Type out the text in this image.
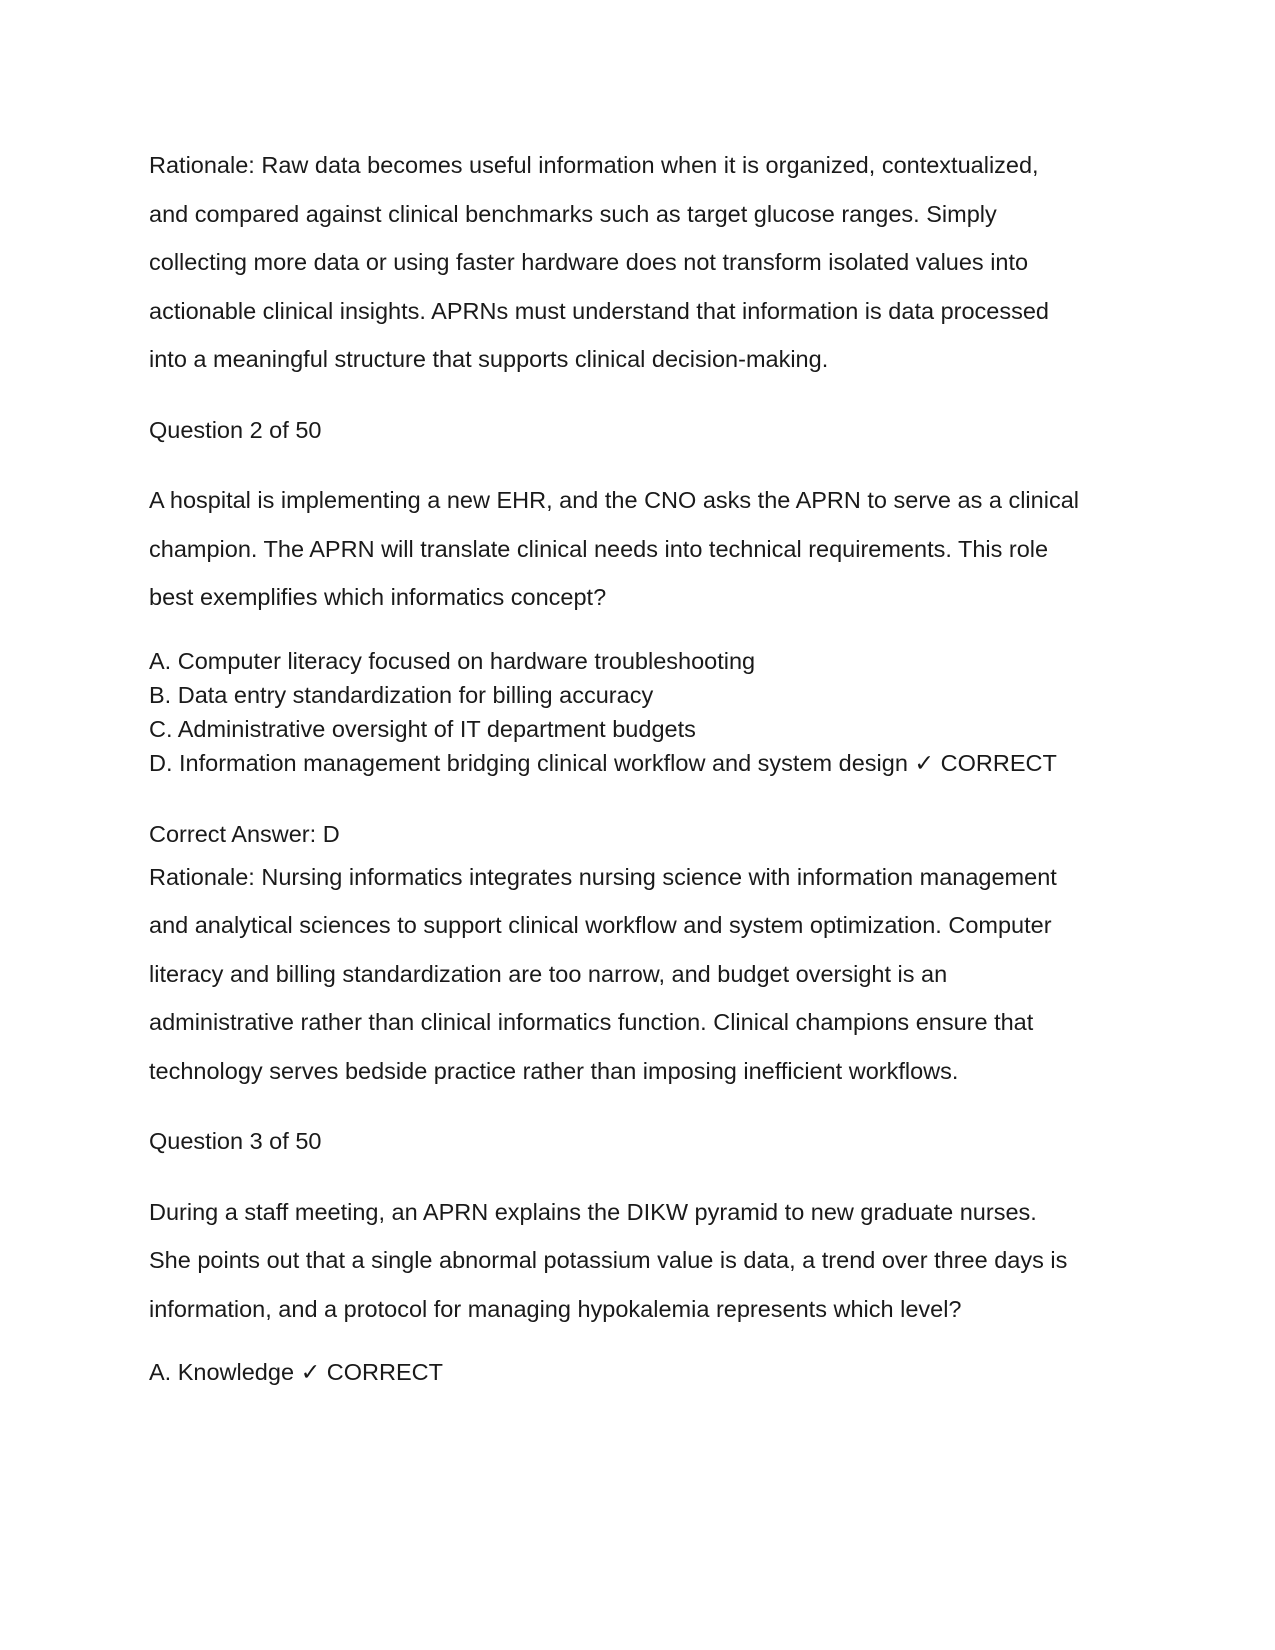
Rationale: Raw data becomes useful information when it is organized, contextualized, and compared against clinical benchmarks such as target glucose ranges. Simply collecting more data or using faster hardware does not transform isolated values into actionable clinical insights. APRNs must understand that information is data processed into a meaningful structure that supports clinical decision-making.

Question 2 of 50

A hospital is implementing a new EHR, and the CNO asks the APRN to serve as a clinical champion. The APRN will translate clinical needs into technical requirements. This role best exemplifies which informatics concept?

A. Computer literacy focused on hardware troubleshooting
B. Data entry standardization for billing accuracy
C. Administrative oversight of IT department budgets
D. Information management bridging clinical workflow and system design ✓ CORRECT

Correct Answer: D

Rationale: Nursing informatics integrates nursing science with information management and analytical sciences to support clinical workflow and system optimization. Computer literacy and billing standardization are too narrow, and budget oversight is an administrative rather than clinical informatics function. Clinical champions ensure that technology serves bedside practice rather than imposing inefficient workflows.

Question 3 of 50

During a staff meeting, an APRN explains the DIKW pyramid to new graduate nurses. She points out that a single abnormal potassium value is data, a trend over three days is information, and a protocol for managing hypokalemia represents which level?

A. Knowledge ✓ CORRECT
